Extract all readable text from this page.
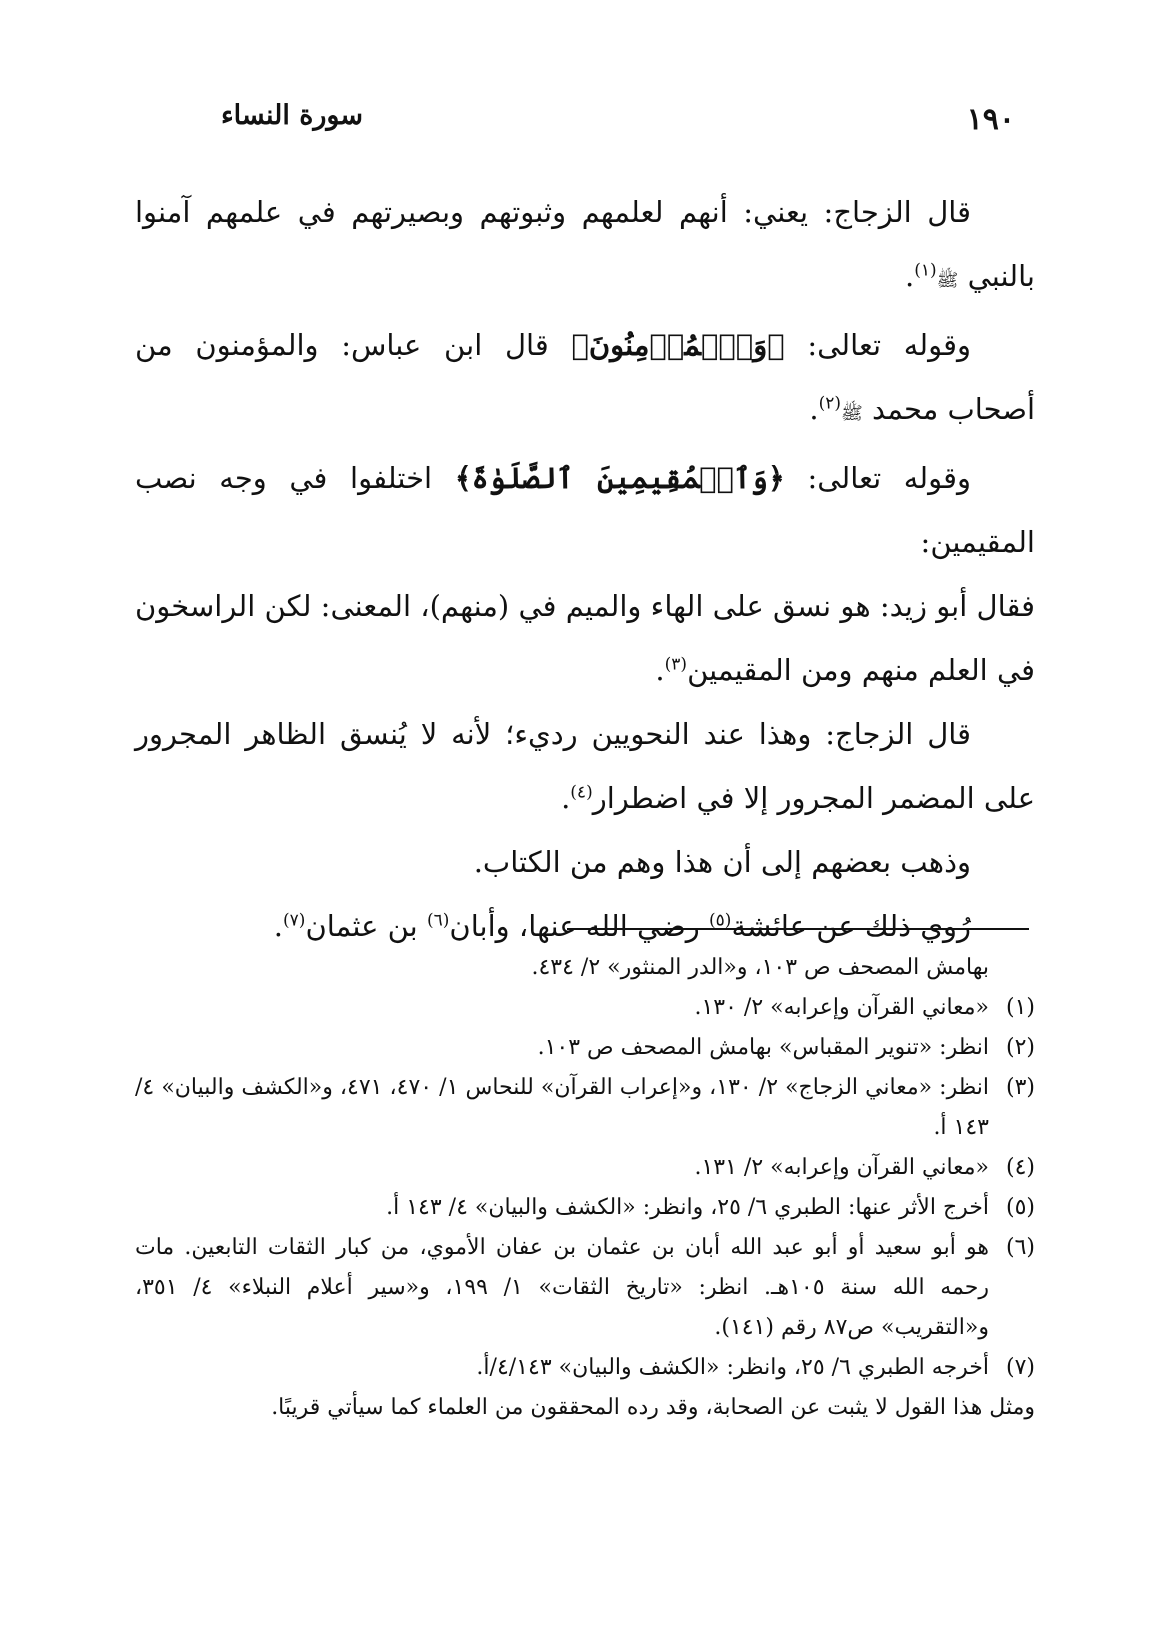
سورة النساء	١٩٠

قال الزجاج: يعني: أنهم لعلمهم وثبوتهم وبصيرتهم في علمهم آمنوا بالنبي ﷺ$^{(١)}$.

وقوله تعالى: ﴿وَٱلۡمُؤۡمِنُونَ﴾ قال ابن عباس: والمؤمنون من أصحاب محمد ﷺ$^{(٢)}$.

وقوله تعالى: ﴿وَٱلۡمُقِيمِينَ ٱلصَّلَوٰةَ﴾ اختلفوا في وجه نصب المقيمين:

فقال أبو زيد: هو نسق على الهاء والميم في (منهم)، المعنى: لكن الراسخون في العلم منهم ومن المقيمين$^{(٣)}$.

قال الزجاج: وهذا عند النحويين رديء؛ لأنه لا يُنسق الظاهر المجرور على المضمر المجرور إلا في اضطرار$^{(٤)}$.

وذهب بعضهم إلى أن هذا وهم من الكتاب.

رُوي ذلك عن عائشة$^{(٥)}$ رضي الله عنها، وأبان$^{(٦)}$ بن عثمان$^{(٧)}$.

بهامش المصحف ص ١٠٣، و«الدر المنثور» ٢/ ٤٣٤.
(١)
«معاني القرآن وإعرابه» ٢/ ١٣٠.
(٢)
انظر: «تنوير المقباس» بهامش المصحف ص ١٠٣.
(٣)
انظر: «معاني الزجاج» ٢/ ١٣٠، و«إعراب القرآن» للنحاس ١/ ٤٧٠، ٤٧١، و«الكشف والبيان» ٤/ ١٤٣ أ.
(٤)
«معاني القرآن وإعرابه» ٢/ ١٣١.
(٥)
أخرج الأثر عنها: الطبري ٦/ ٢٥، وانظر: «الكشف والبيان» ٤/ ١٤٣ أ.
(٦)
هو أبو سعيد أو أبو عبد الله أبان بن عثمان بن عفان الأموي، من كبار الثقات التابعين. مات رحمه الله سنة ١٠٥هـ. انظر: «تاريخ الثقات» ١/ ١٩٩، و«سير أعلام النبلاء» ٤/ ٣٥١، و«التقريب» ص٨٧ رقم (١٤١).
(٧)
أخرجه الطبري ٦/ ٢٥، وانظر: «الكشف والبيان» ٤/١٤٣/أ.
ومثل هذا القول لا يثبت عن الصحابة، وقد رده المحققون من العلماء كما سيأتي قريبًا.
